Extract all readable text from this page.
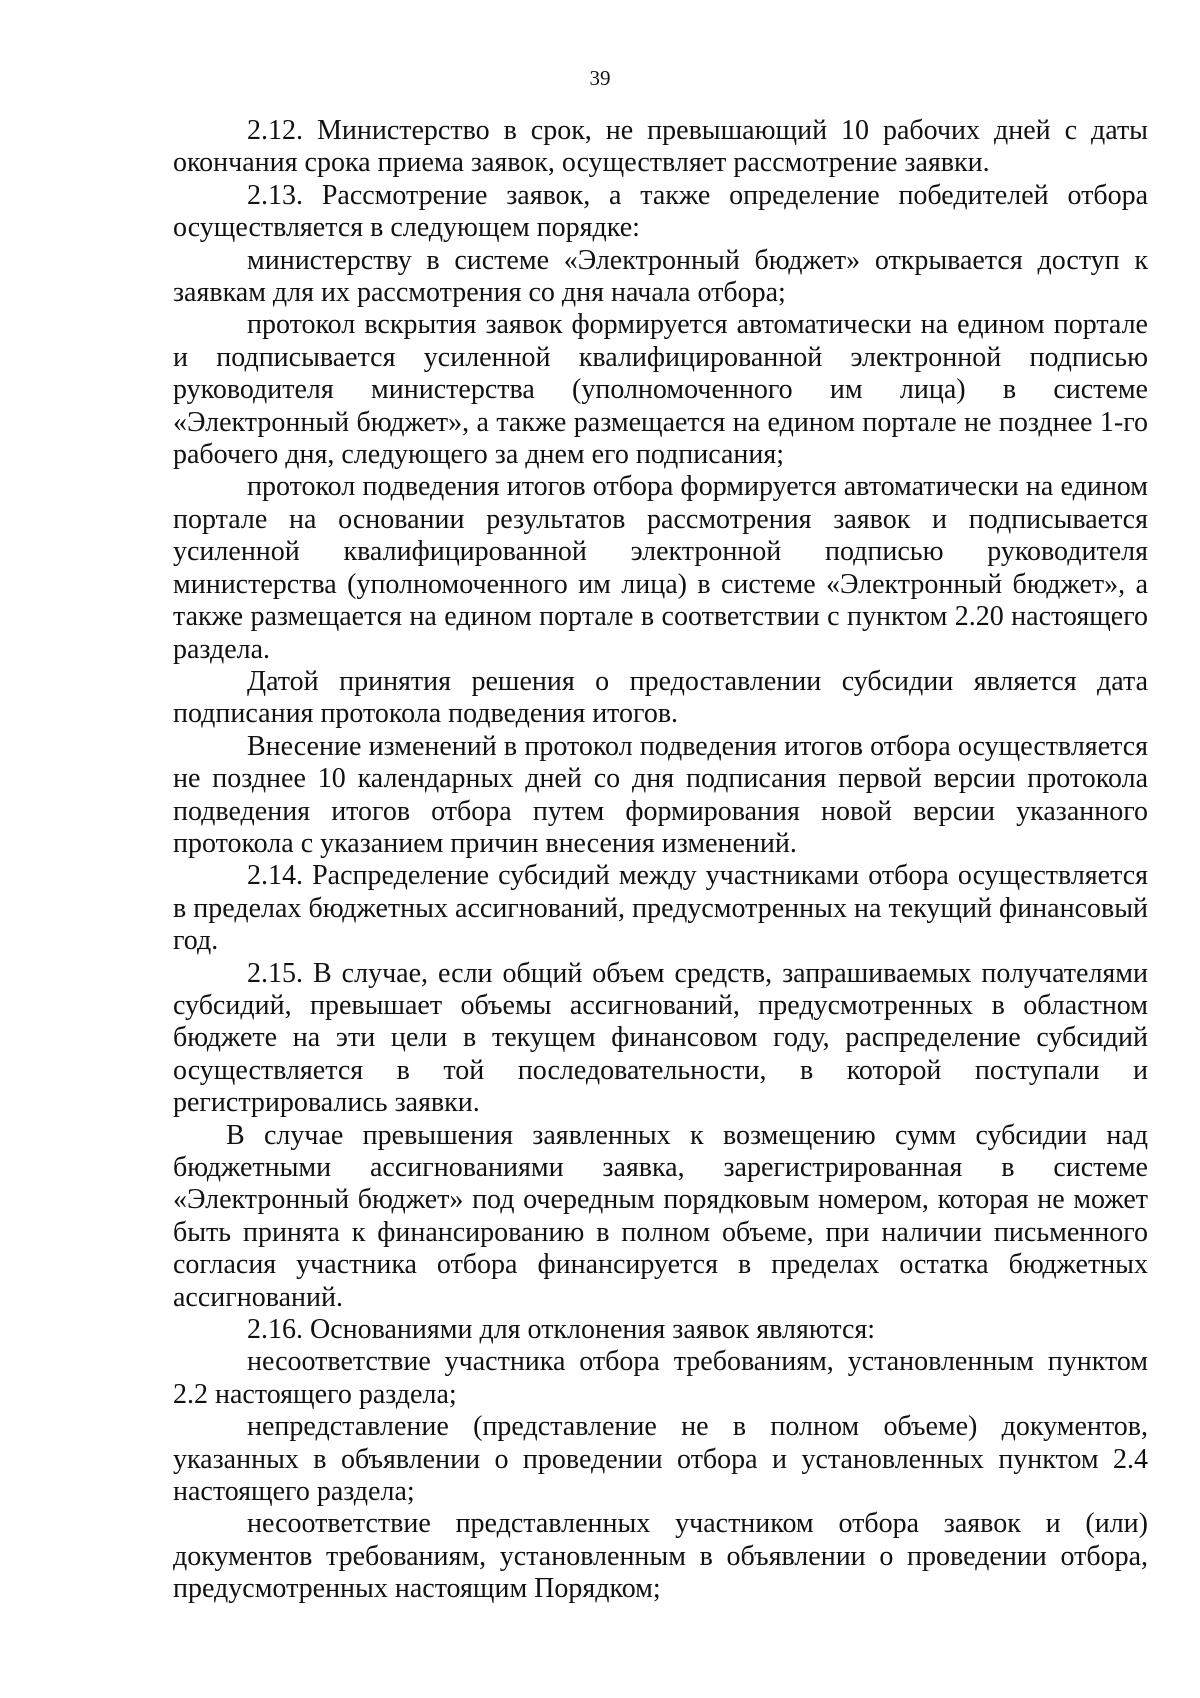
39

2.12. Министерство в срок, не превышающий 10 рабочих дней с даты окончания срока приема заявок, осуществляет рассмотрение заявки.

2.13. Рассмотрение заявок, а также определение победителей отбора осуществляется в следующем порядке:

министерству в системе «Электронный бюджет» открывается доступ к заявкам для их рассмотрения со дня начала отбора;

протокол вскрытия заявок формируется автоматически на едином портале и подписывается усиленной квалифицированной электронной подписью руководителя министерства (уполномоченного им лица) в системе «Электронный бюджет», а также размещается на едином портале не позднее 1-го рабочего дня, следующего за днем его подписания;

протокол подведения итогов отбора формируется автоматически на едином портале на основании результатов рассмотрения заявок и подписывается усиленной квалифицированной электронной подписью руководителя министерства (уполномоченного им лица) в системе «Электронный бюджет», а также размещается на едином портале в соответствии с пунктом 2.20 настоящего раздела.

Датой принятия решения о предоставлении субсидии является дата подписания протокола подведения итогов.

Внесение изменений в протокол подведения итогов отбора осуществляется не позднее 10 календарных дней со дня подписания первой версии протокола подведения итогов отбора путем формирования новой версии указанного протокола с указанием причин внесения изменений.

2.14. Распределение субсидий между участниками отбора осуществляется в пределах бюджетных ассигнований, предусмотренных на текущий финансовый год.

2.15. В случае, если общий объем средств, запрашиваемых получателями субсидий, превышает объемы ассигнований, предусмотренных в областном бюджете на эти цели в текущем финансовом году, распределение субсидий осуществляется в той последовательности, в которой поступали и регистрировались заявки.

В случае превышения заявленных к возмещению сумм субсидии над бюджетными ассигнованиями заявка, зарегистрированная в системе «Электронный бюджет» под очередным порядковым номером, которая не может быть принята к финансированию в полном объеме, при наличии письменного согласия участника отбора финансируется в пределах остатка бюджетных ассигнований.

2.16. Основаниями для отклонения заявок являются:

несоответствие участника отбора требованиям, установленным пунктом 2.2 настоящего раздела;

непредставление (представление не в полном объеме) документов, указанных в объявлении о проведении отбора и установленных пунктом 2.4 настоящего раздела;

несоответствие представленных участником отбора заявок и (или) документов требованиям, установленным в объявлении о проведении отбора, предусмотренных настоящим Порядком;
